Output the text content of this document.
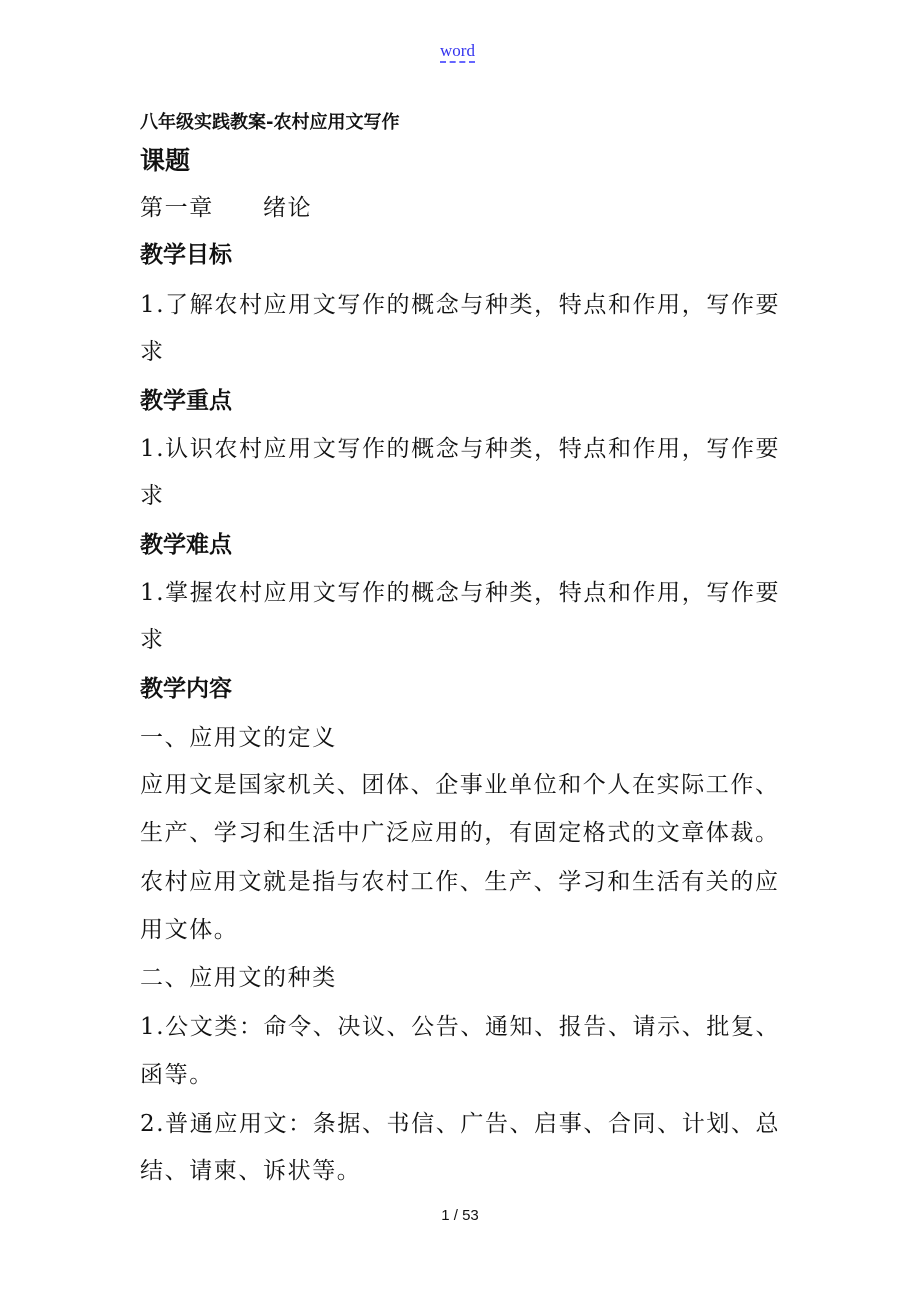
word
八年级实践教案-农村应用文写作
课题
第一章　　绪论
教学目标
1.了解农村应用文写作的概念与种类，特点和作用，写作要
求
教学重点
1.认识农村应用文写作的概念与种类，特点和作用，写作要
求
教学难点
1.掌握农村应用文写作的概念与种类，特点和作用，写作要
求
教学内容
一、应用文的定义
应用文是国家机关、团体、企事业单位和个人在实际工作、
生产、学习和生活中广泛应用的，有固定格式的文章体裁。
农村应用文就是指与农村工作、生产、学习和生活有关的应
用文体。
二、应用文的种类
1.公文类：命令、决议、公告、通知、报告、请示、批复、
函等。
2.普通应用文：条据、书信、广告、启事、合同、计划、总
结、请柬、诉状等。
1 / 53
